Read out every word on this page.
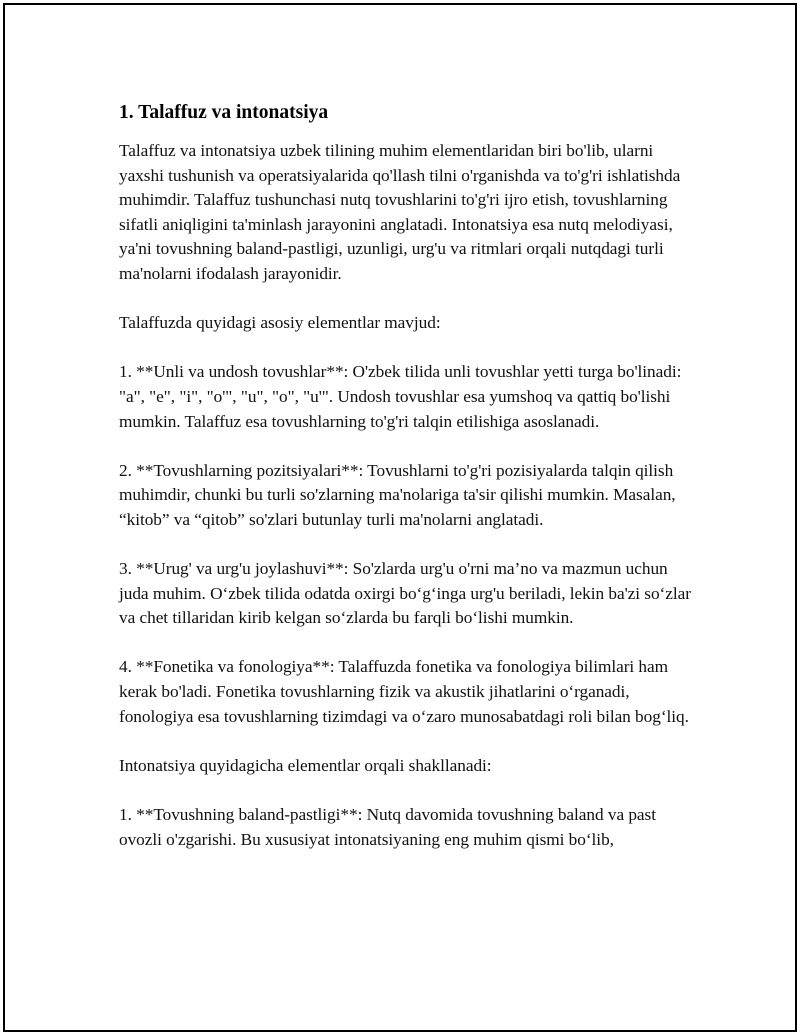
1. Talaffuz va intonatsiya

Talaffuz va intonatsiya uzbek tilining muhim elementlaridan biri bo'lib, ularni yaxshi tushunish va operatsiyalarida qo'llash tilni o'rganishda va to'g'ri ishlatishda muhimdir. Talaffuz tushunchasi nutq tovushlarini to'g'ri ijro etish, tovushlarning sifatli aniqligini ta'minlash jarayonini anglatadi. Intonatsiya esa nutq melodiyasi, ya'ni tovushning baland-pastligi, uzunligi, urg'u va ritmlari orqali nutqdagi turli ma'nolarni ifodalash jarayonidir.

Talaffuzda quyidagi asosiy elementlar mavjud:

1. **Unli va undosh tovushlar**: O'zbek tilida unli tovushlar yetti turga bo'linadi: "a", "e", "i", "o'", "u", "o", "u'". Undosh tovushlar esa yumshoq va qattiq bo'lishi mumkin. Talaffuz esa tovushlarning to'g'ri talqin etilishiga asoslanadi.

2. **Tovushlarning pozitsiyalari**: Tovushlarni to'g'ri pozisiyalarda talqin qilish muhimdir, chunki bu turli so'zlarning ma'nolariga ta'sir qilishi mumkin. Masalan, “kitob” va “qitob” so'zlari butunlay turli ma'nolarni anglatadi.

3. **Urug' va urg'u joylashuvi**: So'zlarda urg'u o'rni ma’no va mazmun uchun juda muhim. O‘zbek tilida odatda oxirgi bo‘g‘inga urg'u beriladi, lekin ba'zi so‘zlar va chet tillaridan kirib kelgan so‘zlarda bu farqli bo‘lishi mumkin.

4. **Fonetika va fonologiya**: Talaffuzda fonetika va fonologiya bilimlari ham kerak bo'ladi. Fonetika tovushlarning fizik va akustik jihatlarini o‘rganadi, fonologiya esa tovushlarning tizimdagi va o‘zaro munosabatdagi roli bilan bog‘liq.

Intonatsiya quyidagicha elementlar orqali shakllanadi:

1. **Tovushning baland-pastligi**: Nutq davomida tovushning baland va past ovozli o'zgarishi. Bu xususiyat intonatsiyaning eng muhim qismi bo‘lib,
